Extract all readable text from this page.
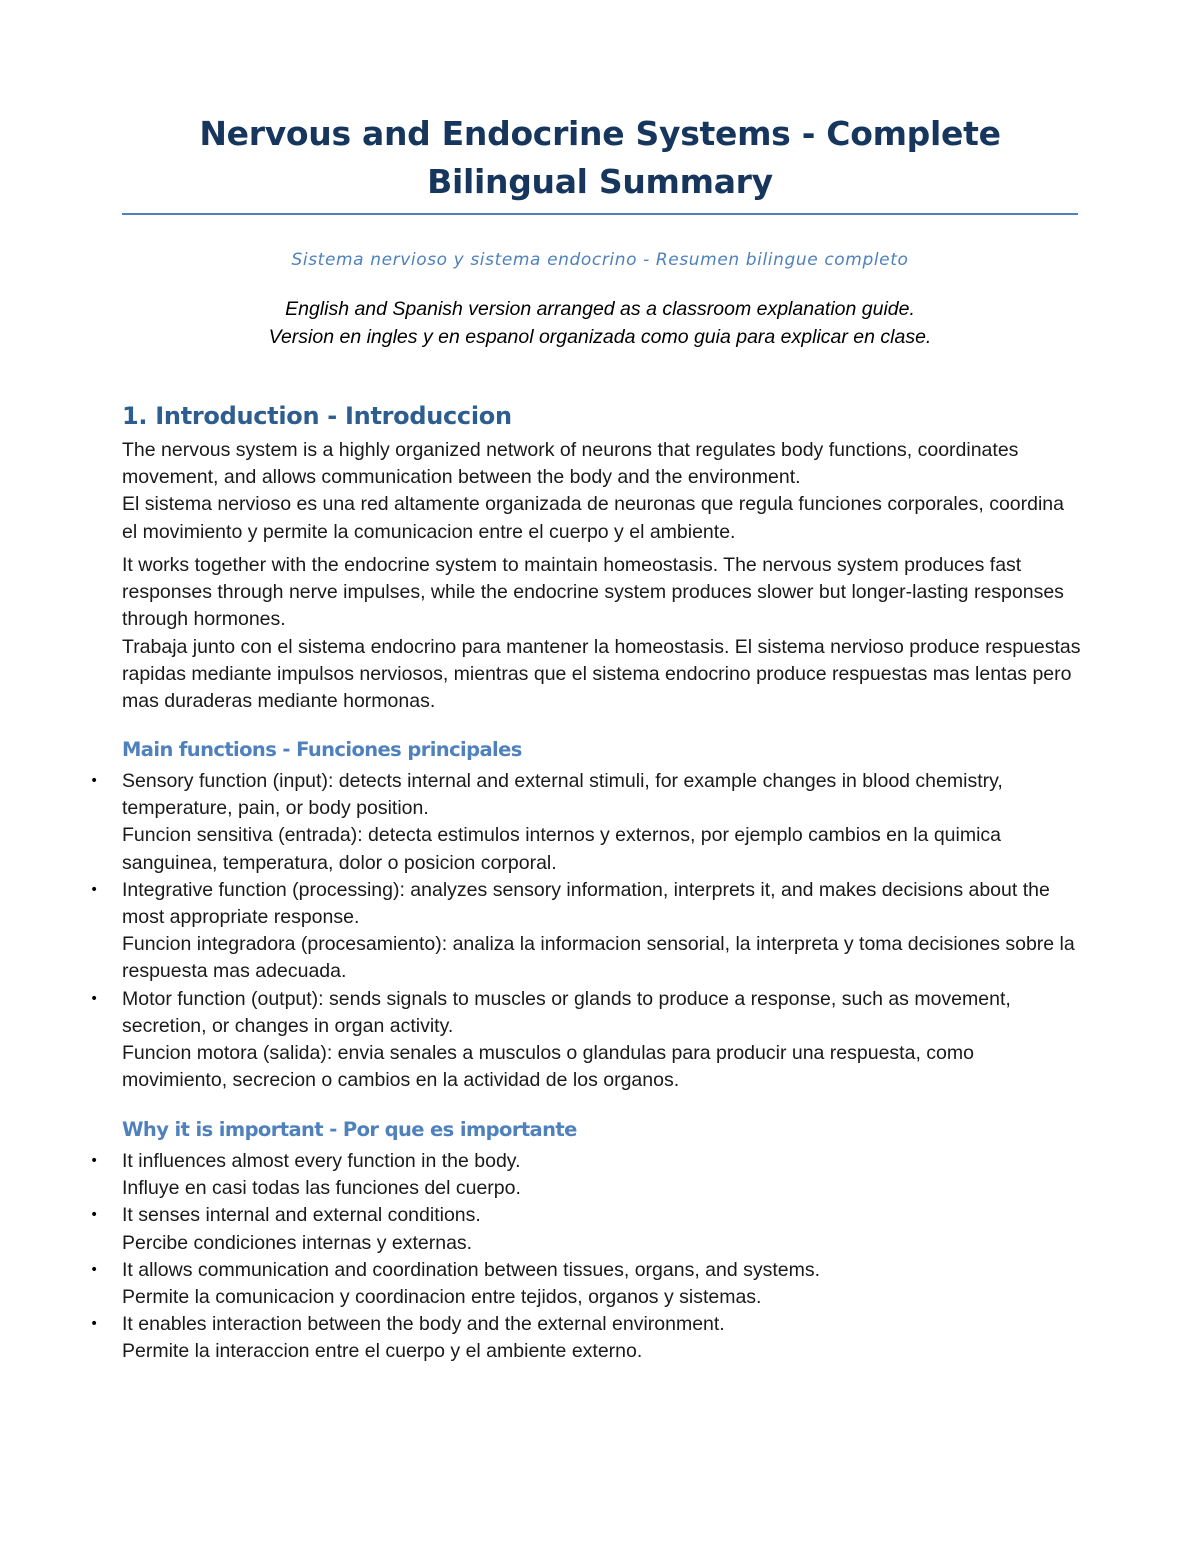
Nervous and Endocrine Systems - Complete Bilingual Summary
Sistema nervioso y sistema endocrino - Resumen bilingue completo
English and Spanish version arranged as a classroom explanation guide.
Version en ingles y en espanol organizada como guia para explicar en clase.
1. Introduction - Introduccion

The nervous system is a highly organized network of neurons that regulates body functions, coordinates movement, and allows communication between the body and the environment.

El sistema nervioso es una red altamente organizada de neuronas que regula funciones corporales, coordina el movimiento y permite la comunicacion entre el cuerpo y el ambiente.

It works together with the endocrine system to maintain homeostasis. The nervous system produces fast responses through nerve impulses, while the endocrine system produces slower but longer-lasting responses through hormones.

Trabaja junto con el sistema endocrino para mantener la homeostasis. El sistema nervioso produce respuestas rapidas mediante impulsos nerviosos, mientras que el sistema endocrino produce respuestas mas lentas pero mas duraderas mediante hormonas.

Main functions - Funciones principales
• Sensory function (input): detects internal and external stimuli, for example changes in blood chemistry, temperature, pain, or body position.

Funcion sensitiva (entrada): detecta estimulos internos y externos, por ejemplo cambios en la quimica sanguinea, temperatura, dolor o posicion corporal.

• Integrative function (processing): analyzes sensory information, interprets it, and makes decisions about the most appropriate response.

Funcion integradora (procesamiento): analiza la informacion sensorial, la interpreta y toma decisiones sobre la respuesta mas adecuada.

• Motor function (output): sends signals to muscles or glands to produce a response, such as movement, secretion, or changes in organ activity.

Funcion motora (salida): envia senales a musculos o glandulas para producir una respuesta, como movimiento, secrecion o cambios en la actividad de los organos.

Why it is important - Por que es importante
• It influences almost every function in the body.

Influye en casi todas las funciones del cuerpo.

• It senses internal and external conditions.

Percibe condiciones internas y externas.

• It allows communication and coordination between tissues, organs, and systems.

Permite la comunicacion y coordinacion entre tejidos, organos y sistemas.

• It enables interaction between the body and the external environment.

Permite la interaccion entre el cuerpo y el ambiente externo.
